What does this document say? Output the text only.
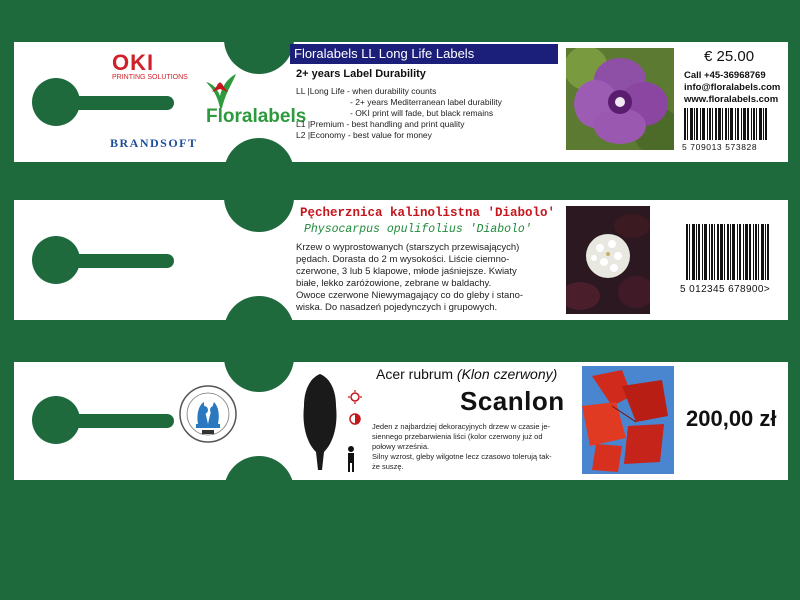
OKI
PRINTING SOLUTIONS
BRANDSOFT
Floralabels
Floralabels LL Long Life Labels
2+ years Label Durability
LL |Long Life - when durability counts
- 2+ years Mediterranean label durability
- OKI print will fade, but black remains
L1 |Premium - best handling and print quality
L2 |Economy - best value for money
€ 25.00
Call +45-36968769
info@floralabels.com
www.floralabels.com
5 709013 573828
Pęcherznica kalinolistna 'Diabolo'
Physocarpus opulifolius 'Diabolo'
Krzew o wyprostowanych (starszych przewisających)
pędach. Dorasta do 2 m wysokości. Liście ciemno-
czerwone, 3 lub 5 klapowe, młode jaśniejsze. Kwiaty
białe, lekko zaróżowione, zebrane w baldachy.
Owoce czerwone Niewymagający co do gleby i stano-
wiska. Do nasadzeń pojedynczych i grupowych.
5 012345 678900>
Acer rubrum (Klon czerwony)
Scanlon
Jeden z najbardziej dekoracyjnych drzew w czasie je-
siennego przebarwienia liści (kolor czerwony już od
połowy września.
Silny wzrost, gleby wilgotne lecz czasowo tolerują tak-
że suszę.
200,00 zł
